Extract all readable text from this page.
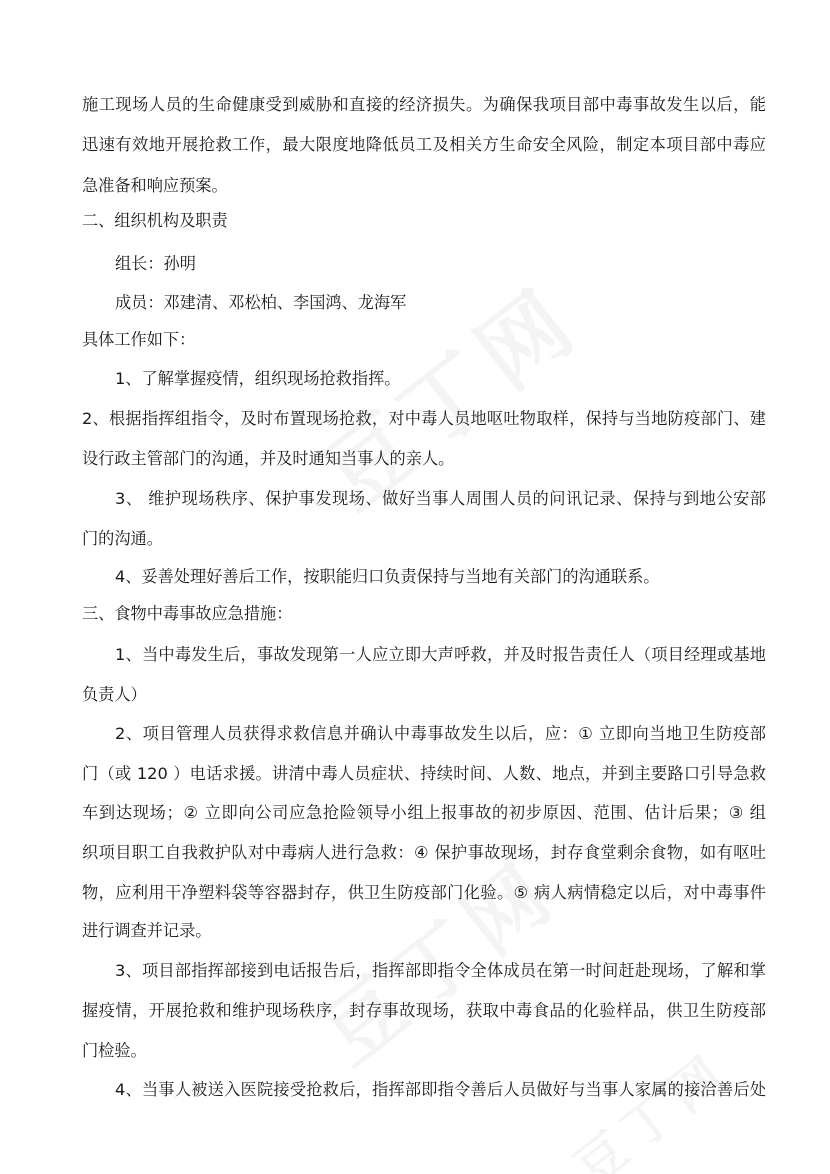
施工现场人员的生命健康受到威胁和直接的经济损失。为确保我项目部中毒事故发生以后，能
迅速有效地开展抢救工作，最大限度地降低员工及相关方生命安全风险，制定本项目部中毒应
急准备和响应预案。
二、组织机构及职责
组长：孙明
成员：邓建清、邓松柏、李国鸿、龙海军
具体工作如下：
1、了解掌握疫情，组织现场抢救指挥。
2、根据指挥组指令，及时布置现场抢救，对中毒人员地呕吐物取样，保持与当地防疫部门、建
设行政主管部门的沟通，并及时通知当事人的亲人。
3、 维护现场秩序、保护事发现场、做好当事人周围人员的问讯记录、保持与到地公安部
门的沟通。
4、妥善处理好善后工作，按职能归口负责保持与当地有关部门的沟通联系。
三、食物中毒事故应急措施：
1、当中毒发生后，事故发现第一人应立即大声呼救，并及时报告责任人（项目经理或基地
负责人）
2、项目管理人员获得求救信息并确认中毒事故发生以后，应：① 立即向当地卫生防疫部
门（或 120 ）电话求援。讲清中毒人员症状、持续时间、人数、地点，并到主要路口引导急救
车到达现场；② 立即向公司应急抢险领导小组上报事故的初步原因、范围、估计后果；③ 组
织项目职工自我救护队对中毒病人进行急救：④ 保护事故现场，封存食堂剩余食物，如有呕吐
物，应利用干净塑料袋等容器封存，供卫生防疫部门化验。⑤ 病人病情稳定以后，对中毒事件
进行调查并记录。
3、项目部指挥部接到电话报告后，指挥部即指令全体成员在第一时间赶赴现场，了解和掌
握疫情，开展抢救和维护现场秩序，封存事故现场，获取中毒食品的化验样品，供卫生防疫部
门检验。
4、当事人被送入医院接受抢救后，指挥部即指令善后人员做好与当事人家属的接洽善后处
